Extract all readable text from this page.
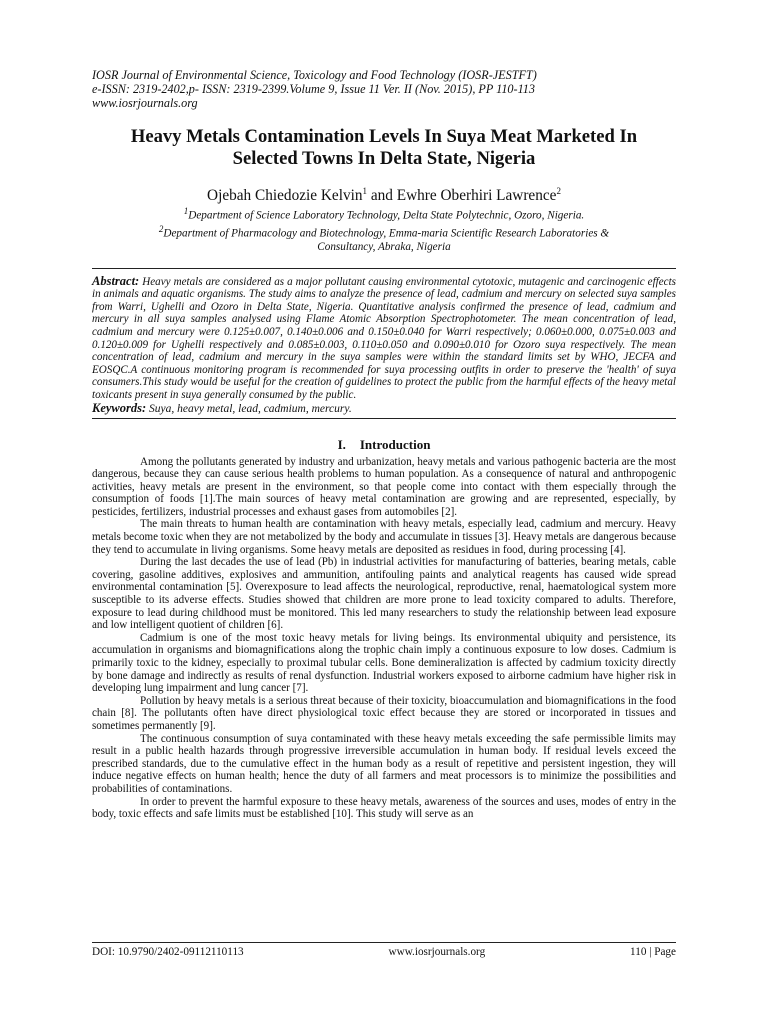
IOSR Journal of Environmental Science, Toxicology and Food Technology (IOSR-JESTFT)
e-ISSN: 2319-2402,p- ISSN: 2319-2399.Volume 9, Issue 11 Ver. II (Nov. 2015), PP 110-113
www.iosrjournals.org
Heavy Metals Contamination Levels In Suya Meat Marketed In
Selected Towns In Delta State, Nigeria
Ojebah Chiedozie Kelvin$^1$ and Ewhre Oberhiri Lawrence$^2$
$^1$Department of Science Laboratory Technology, Delta State Polytechnic, Ozoro, Nigeria.
$^2$Department of Pharmacology and Biotechnology, Emma-maria Scientific Research Laboratories &
Consultancy, Abraka, Nigeria
Abstract: Heavy metals are considered as a major pollutant causing environmental cytotoxic, mutagenic and carcinogenic effects in animals and aquatic organisms. The study aims to analyze the presence of lead, cadmium and mercury on selected suya samples from Warri, Ughelli and Ozoro in Delta State, Nigeria. Quantitative analysis confirmed the presence of lead, cadmium and mercury in all suya samples analysed using Flame Atomic Absorption Spectrophotometer. The mean concentration of lead, cadmium and mercury were 0.125±0.007, 0.140±0.006 and 0.150±0.040 for Warri respectively; 0.060±0.000, 0.075±0.003 and 0.120±0.009 for Ughelli respectively and 0.085±0.003, 0.110±0.050 and 0.090±0.010 for Ozoro suya respectively. The mean concentration of lead, cadmium and mercury in the suya samples were within the standard limits set by WHO, JECFA and EOSQC.A continuous monitoring program is recommended for suya processing outfits in order to preserve the 'health' of suya consumers.This study would be useful for the creation of guidelines to protect the public from the harmful effects of the heavy metal toxicants present in suya generally consumed by the public.
Keywords: Suya, heavy metal, lead, cadmium, mercury.
I. Introduction

Among the pollutants generated by industry and urbanization, heavy metals and various pathogenic bacteria are the most dangerous, because they can cause serious health problems to human population. As a consequence of natural and anthropogenic activities, heavy metals are present in the environment, so that people come into contact with them especially through the consumption of foods [1].The main sources of heavy metal contamination are growing and are represented, especially, by pesticides, fertilizers, industrial processes and exhaust gases from automobiles [2].

The main threats to human health are contamination with heavy metals, especially lead, cadmium and mercury. Heavy metals become toxic when they are not metabolized by the body and accumulate in tissues [3]. Heavy metals are dangerous because they tend to accumulate in living organisms. Some heavy metals are deposited as residues in food, during processing [4].

During the last decades the use of lead (Pb) in industrial activities for manufacturing of batteries, bearing metals, cable covering, gasoline additives, explosives and ammunition, antifouling paints and analytical reagents has caused wide spread environmental contamination [5]. Overexposure to lead affects the neurological, reproductive, renal, haematological system more susceptible to its adverse effects. Studies showed that children are more prone to lead toxicity compared to adults. Therefore, exposure to lead during childhood must be monitored. This led many researchers to study the relationship between lead exposure and low intelligent quotient of children [6].

Cadmium is one of the most toxic heavy metals for living beings. Its environmental ubiquity and persistence, its accumulation in organisms and biomagnifications along the trophic chain imply a continuous exposure to low doses. Cadmium is primarily toxic to the kidney, especially to proximal tubular cells. Bone demineralization is affected by cadmium toxicity directly by bone damage and indirectly as results of renal dysfunction. Industrial workers exposed to airborne cadmium have higher risk in developing lung impairment and lung cancer [7].

Pollution by heavy metals is a serious threat because of their toxicity, bioaccumulation and biomagnifications in the food chain [8]. The pollutants often have direct physiological toxic effect because they are stored or incorporated in tissues and sometimes permanently [9].

The continuous consumption of suya contaminated with these heavy metals exceeding the safe permissible limits may result in a public health hazards through progressive irreversible accumulation in human body. If residual levels exceed the prescribed standards, due to the cumulative effect in the human body as a result of repetitive and persistent ingestion, they will induce negative effects on human health; hence the duty of all farmers and meat processors is to minimize the possibilities and probabilities of contaminations.

In order to prevent the harmful exposure to these heavy metals, awareness of the sources and uses, modes of entry in the body, toxic effects and safe limits must be established [10]. This study will serve as an

DOI: 10.9790/2402-09112110113	www.iosrjournals.org	110 | Page
